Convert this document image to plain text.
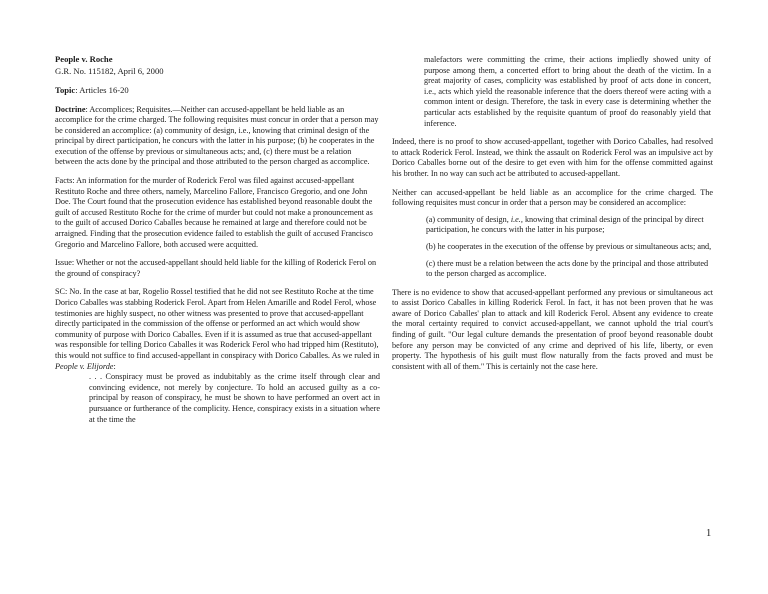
People v. Roche

G.R. No. 115182, April 6, 2000

Topic: Articles 16-20

Doctrine: Accomplices; Requisites.—Neither can accused-appellant be held liable as an accomplice for the crime charged. The following requisites must concur in order that a person may be considered an accomplice: (a) community of design, i.e., knowing that criminal design of the principal by direct participation, he concurs with the latter in his purpose; (b) he cooperates in the execution of the offense by previous or simultaneous acts; and, (c) there must be a relation between the acts done by the principal and those attributed to the person charged as accomplice.

Facts: An information for the murder of Roderick Ferol was filed against accused-appellant Restituto Roche and three others, namely, Marcelino Fallore, Francisco Gregorio, and one John Doe. The Court found that the prosecution evidence has established beyond reasonable doubt the guilt of accused Restituto Roche for the crime of murder but could not make a pronouncement as to the guilt of accused Dorico Caballes because he remained at large and therefore could not be arraigned. Finding that the prosecution evidence failed to establish the guilt of accused Francisco Gregorio and Marcelino Fallore, both accused were acquitted.

Issue: Whether or not the accused-appellant should held liable for the killing of Roderick Ferol on the ground of conspiracy?

SC: No. In the case at bar, Rogelio Rossel testified that he did not see Restituto Roche at the time Dorico Caballes was stabbing Roderick Ferol. Apart from Helen Amarille and Rodel Ferol, whose testimonies are highly suspect, no other witness was presented to prove that accused-appellant directly participated in the commission of the offense or performed an act which would show community of purpose with Dorico Caballes. Even if it is assumed as true that accused-appellant was responsible for telling Dorico Caballes it was Roderick Ferol who had tripped him (Restituto), this would not suffice to find accused-appellant in conspiracy with Dorico Caballes. As we ruled in People v. Elijorde:

. . . Conspiracy must be proved as indubitably as the crime itself through clear and convincing evidence, not merely by conjecture. To hold an accused guilty as a co-principal by reason of conspiracy, he must be shown to have performed an overt act in pursuance or furtherance of the complicity. Hence, conspiracy exists in a situation where at the time the

malefactors were committing the crime, their actions impliedly showed unity of purpose among them, a concerted effort to bring about the death of the victim. In a great majority of cases, complicity was established by proof of acts done in concert, i.e., acts which yield the reasonable inference that the doers thereof were acting with a common intent or design. Therefore, the task in every case is determining whether the particular acts established by the requisite quantum of proof do reasonably yield that inference.

Indeed, there is no proof to show accused-appellant, together with Dorico Caballes, had resolved to attack Roderick Ferol. Instead, we think the assault on Roderick Ferol was an impulsive act by Dorico Caballes borne out of the desire to get even with him for the offense committed against his brother. In no way can such act be attributed to accused-appellant.

Neither can accused-appellant be held liable as an accomplice for the crime charged. The following requisites must concur in order that a person may be considered an accomplice:

(a) community of design, i.e., knowing that criminal design of the principal by direct participation, he concurs with the latter in his purpose;

(b) he cooperates in the execution of the offense by previous or simultaneous acts; and,

(c) there must be a relation between the acts done by the principal and those attributed to the person charged as accomplice.

There is no evidence to show that accused-appellant performed any previous or simultaneous act to assist Dorico Caballes in killing Roderick Ferol. In fact, it has not been proven that he was aware of Dorico Caballes' plan to attack and kill Roderick Ferol. Absent any evidence to create the moral certainty required to convict accused-appellant, we cannot uphold the trial court's finding of guilt. "Our legal culture demands the presentation of proof beyond reasonable doubt before any person may be convicted of any crime and deprived of his life, liberty, or even property. The hypothesis of his guilt must flow naturally from the facts proved and must be consistent with all of them." This is certainly not the case here.

1
